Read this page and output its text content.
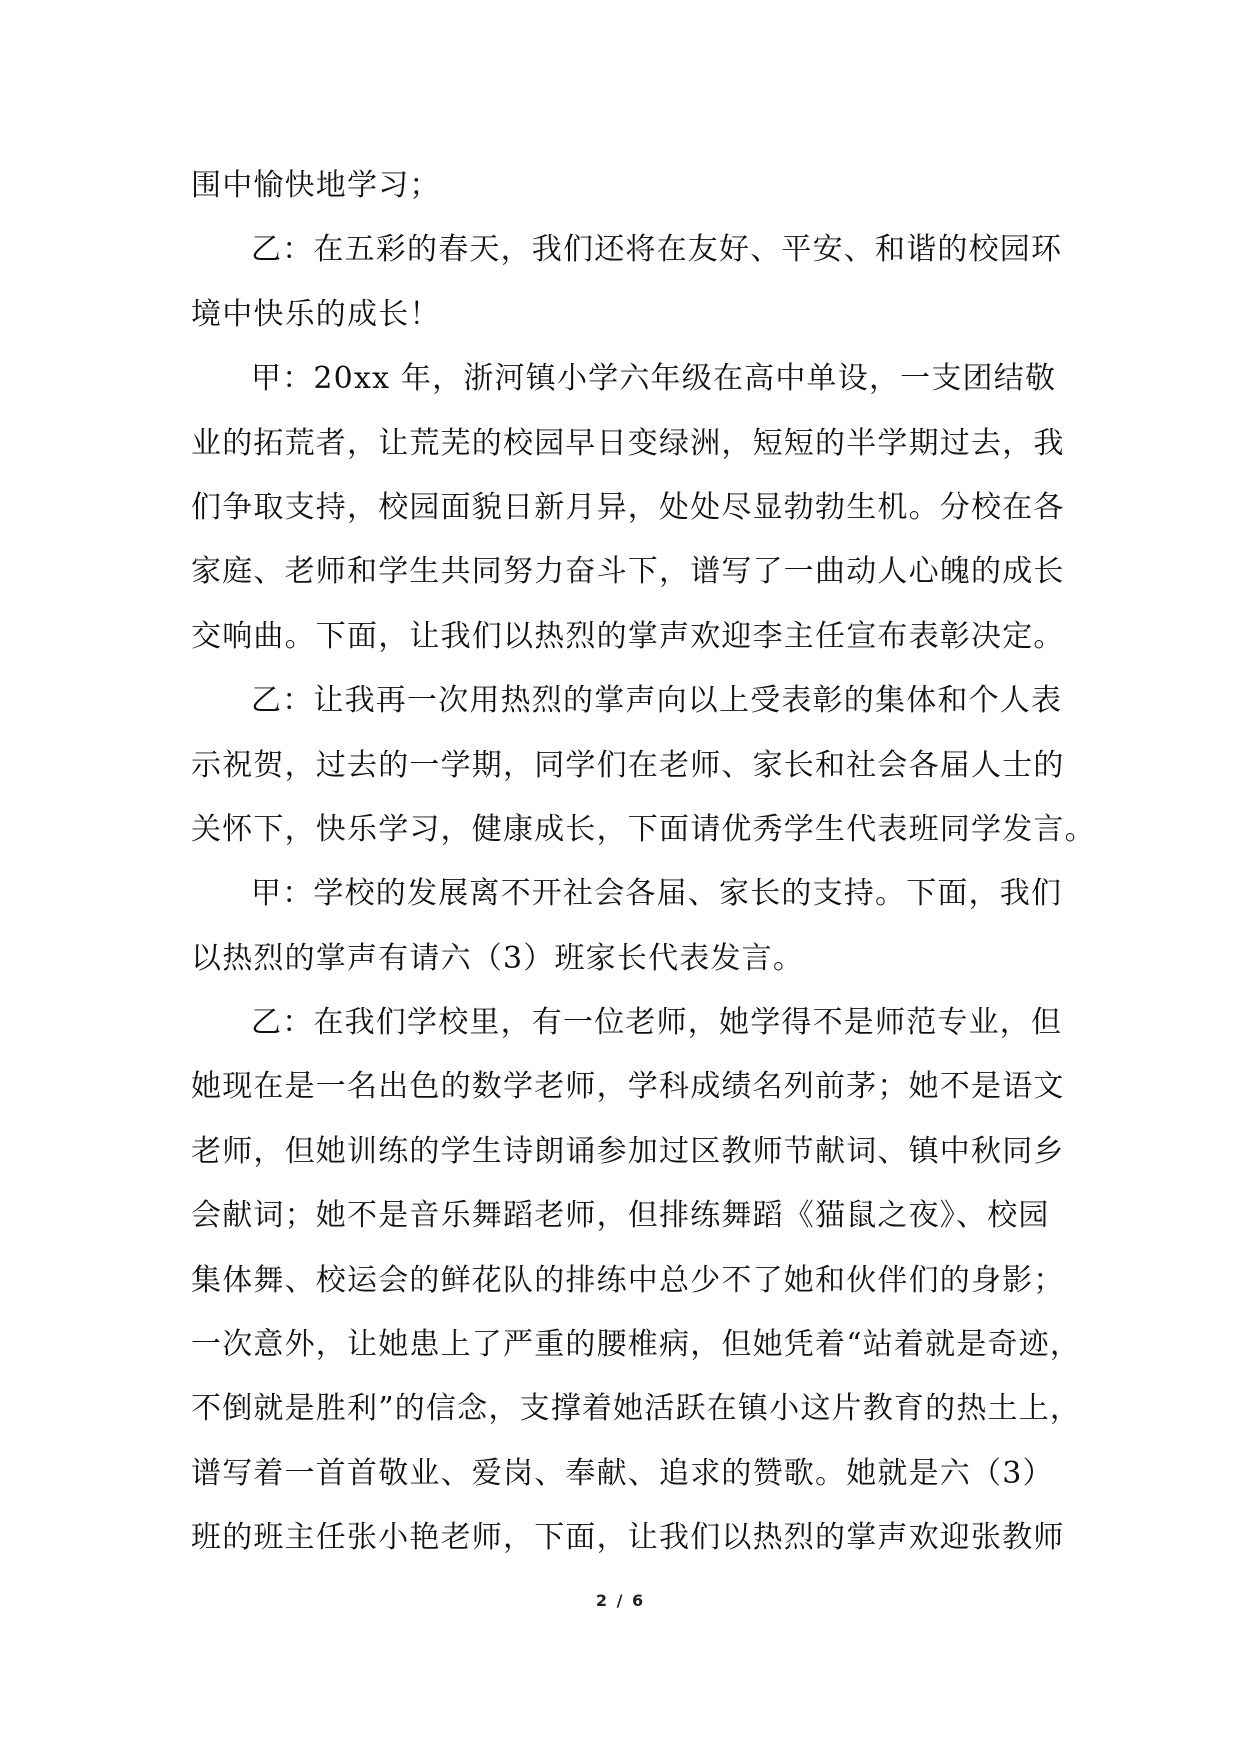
围中愉快地学习；
乙：在五彩的春天，我们还将在友好、平安、和谐的校园环
境中快乐的成长！
甲：20xx 年，浙河镇小学六年级在高中单设，一支团结敬
业的拓荒者，让荒芜的校园早日变绿洲，短短的半学期过去，我
们争取支持，校园面貌日新月异，处处尽显勃勃生机。分校在各
家庭、老师和学生共同努力奋斗下，谱写了一曲动人心魄的成长
交响曲。下面，让我们以热烈的掌声欢迎李主任宣布表彰决定。
乙：让我再一次用热烈的掌声向以上受表彰的集体和个人表
示祝贺，过去的一学期，同学们在老师、家长和社会各届人士的
关怀下，快乐学习，健康成长，下面请优秀学生代表班同学发言。
甲：学校的发展离不开社会各届、家长的支持。下面，我们
以热烈的掌声有请六（3）班家长代表发言。
乙：在我们学校里，有一位老师，她学得不是师范专业，但
她现在是一名出色的数学老师，学科成绩名列前茅；她不是语文
老师，但她训练的学生诗朗诵参加过区教师节献词、镇中秋同乡
会献词；她不是音乐舞蹈老师，但排练舞蹈《猫鼠之夜》、校园
集体舞、校运会的鲜花队的排练中总少不了她和伙伴们的身影；
一次意外，让她患上了严重的腰椎病，但她凭着“站着就是奇迹，
不倒就是胜利”的信念，支撑着她活跃在镇小这片教育的热土上，
谱写着一首首敬业、爱岗、奉献、追求的赞歌。她就是六（3）
班的班主任张小艳老师，下面，让我们以热烈的掌声欢迎张教师
2 / 6
